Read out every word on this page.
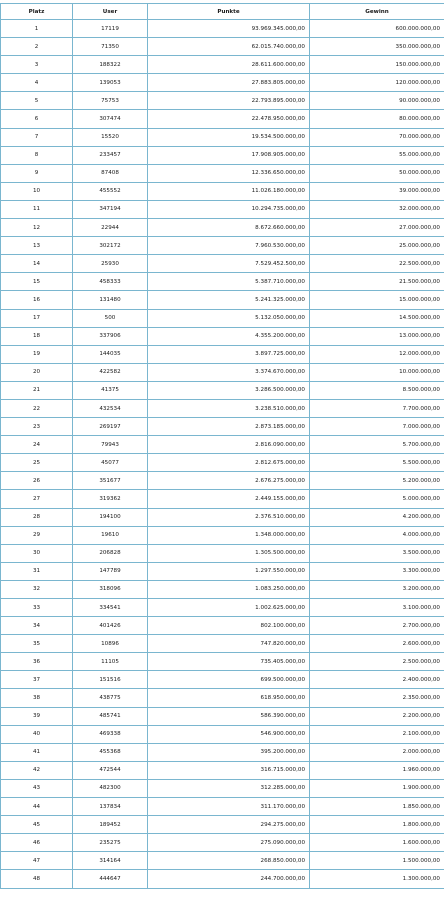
Platz	User	Punkte	Gewinn
1	17119	93.969.345.000,00	600.000.000,00
2	71350	62.015.740.000,00	350.000.000,00
3	188322	28.611.600.000,00	150.000.000,00
4	139053	27.883.805.000,00	120.000.000,00
5	75753	22.793.895.000,00	90.000.000,00
6	307474	22.478.950.000,00	80.000.000,00
7	15520	19.534.500.000,00	70.000.000,00
8	233457	17.908.905.000,00	55.000.000,00
9	87408	12.336.650.000,00	50.000.000,00
10	455552	11.026.180.000,00	39.000.000,00
11	347194	10.294.735.000,00	32.000.000,00
12	22944	8.672.660.000,00	27.000.000,00
13	302172	7.960.530.000,00	25.000.000,00
14	25930	7.529.452.500,00	22.500.000,00
15	458333	5.387.710.000,00	21.500.000,00
16	131480	5.241.325.000,00	15.000.000,00
17	500	5.132.050.000,00	14.500.000,00
18	337906	4.355.200.000,00	13.000.000,00
19	144035	3.897.725.000,00	12.000.000,00
20	422582	3.374.670.000,00	10.000.000,00
21	41375	3.286.500.000,00	8.500.000,00
22	432534	3.238.510.000,00	7.700.000,00
23	269197	2.873.185.000,00	7.000.000,00
24	79943	2.816.090.000,00	5.700.000,00
25	45077	2.812.675.000,00	5.500.000,00
26	351677	2.676.275.000,00	5.200.000,00
27	319362	2.449.155.000,00	5.000.000,00
28	194100	2.376.510.000,00	4.200.000,00
29	19610	1.348.000.000,00	4.000.000,00
30	206828	1.305.500.000,00	3.500.000,00
31	147789	1.297.550.000,00	3.300.000,00
32	318096	1.083.250.000,00	3.200.000,00
33	334541	1.002.625.000,00	3.100.000,00
34	401426	802.100.000,00	2.700.000,00
35	10896	747.820.000,00	2.600.000,00
36	11105	735.405.000,00	2.500.000,00
37	151516	699.500.000,00	2.400.000,00
38	438775	618.950.000,00	2.350.000,00
39	485741	586.390.000,00	2.200.000,00
40	469338	546.900.000,00	2.100.000,00
41	455368	395.200.000,00	2.000.000,00
42	472544	316.715.000,00	1.960.000,00
43	482300	312.285.000,00	1.900.000,00
44	137834	311.170.000,00	1.850.000,00
45	189452	294.275.000,00	1.800.000,00
46	235275	275.090.000,00	1.600.000,00
47	314164	268.850.000,00	1.500.000,00
48	444647	244.700.000,00	1.300.000,00
